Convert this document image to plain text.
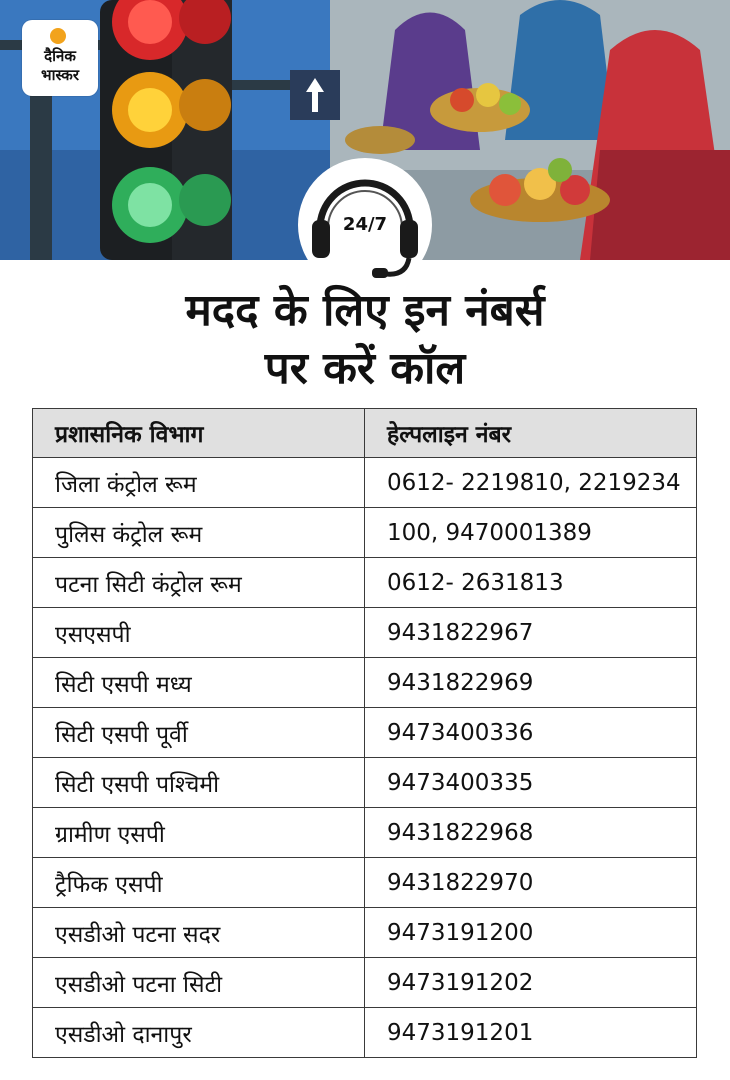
दैनिक
भास्कर
24/7
मदद के लिए इन नंबर्स
पर करें कॉल
प्रशासनिक विभाग	हेल्पलाइन नंबर
जिला कंट्रोल रूम	0612- 2219810, 2219234
पुलिस कंट्रोल रूम	100, 9470001389
पटना सिटी कंट्रोल रूम	0612- 2631813
एसएसपी	9431822967
सिटी एसपी मध्य	9431822969
सिटी एसपी पूर्वी	9473400336
सिटी एसपी पश्चिमी	9473400335
ग्रामीण एसपी	9431822968
ट्रैफिक एसपी	9431822970
एसडीओ पटना सदर	9473191200
एसडीओ पटना सिटी	9473191202
एसडीओ दानापुर	9473191201
